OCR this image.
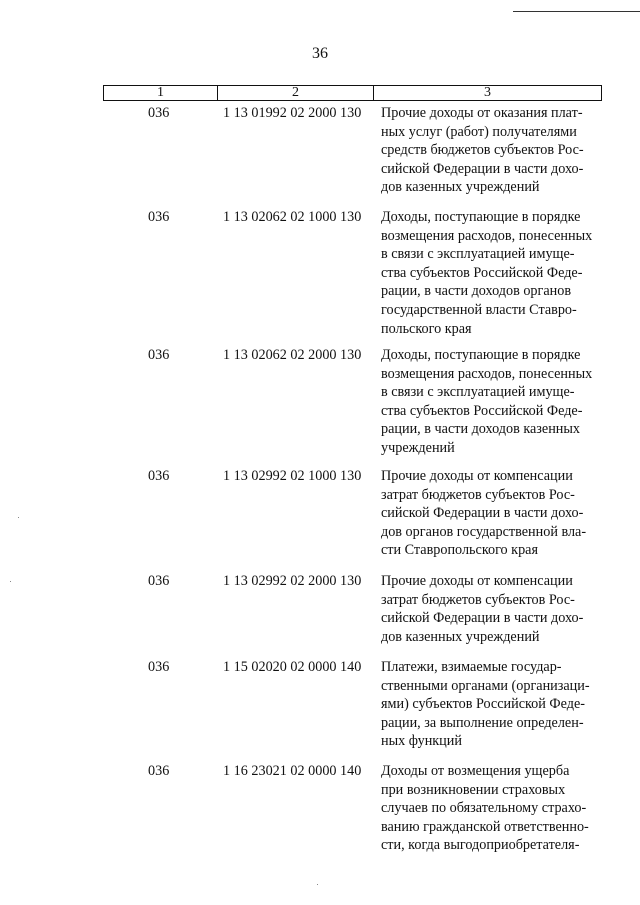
36
1	2	3
036	1 13 01992 02 2000 130 Прочие доходы от оказания плат-
ных услуг (работ) получателями
средств бюджетов субъектов Рос-
сийской Федерации в части дохо-
дов казенных учреждений
036	1 13 02062 02 1000 130 Доходы, поступающие в порядке
возмещения расходов, понесенных
в связи с эксплуатацией имуще-
ства субъектов Российской Феде-
рации, в части доходов органов
государственной власти Ставро-
польского края
036	1 13 02062 02 2000 130 Доходы, поступающие в порядке
возмещения расходов, понесенных
в связи с эксплуатацией имуще-
ства субъектов Российской Феде-
рации, в части доходов казенных
учреждений
036	1 13 02992 02 1000 130 Прочие доходы от компенсации
затрат бюджетов субъектов Рос-
сийской Федерации в части дохо-
дов органов государственной вла-
сти Ставропольского края
036	1 13 02992 02 2000 130 Прочие доходы от компенсации
затрат бюджетов субъектов Рос-
сийской Федерации в части дохо-
дов казенных учреждений
036	1 15 02020 02 0000 140 Платежи, взимаемые государ-
ственными органами (организаци-
ями) субъектов Российской Феде-
рации, за выполнение определен-
ных функций
036	1 16 23021 02 0000 140 Доходы от возмещения ущерба
при возникновении страховых
случаев по обязательному страхо-
ванию гражданской ответственно-
сти, когда выгодоприобретателя-
